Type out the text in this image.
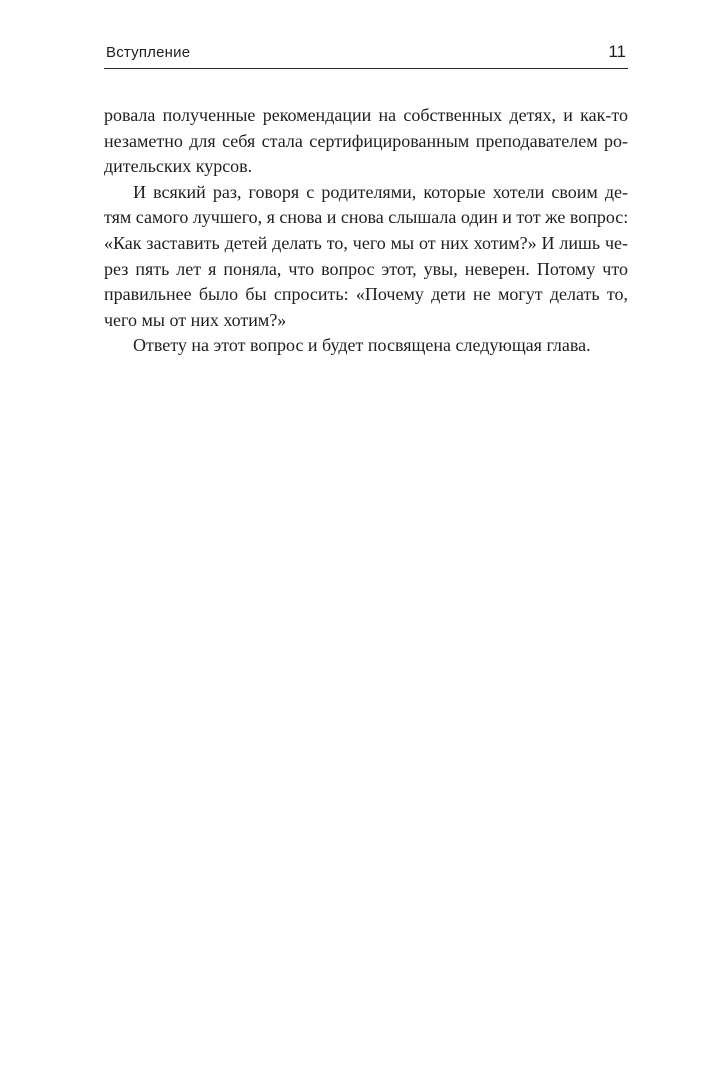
Вступление	11
ровала полученные рекомендации на собственных детях, и как-то
незаметно для себя стала сертифицированным преподавателем ро-
дительских курсов.
И всякий раз, говоря с родителями, которые хотели своим де-
тям самого лучшего, я снова и снова слышала один и тот же вопрос:
«Как заставить детей делать то, чего мы от них хотим?» И лишь че-
рез пять лет я поняла, что вопрос этот, увы, неверен. Потому что
правильнее было бы спросить: «Почему дети не могут делать то,
чего мы от них хотим?»
Ответу на этот вопрос и будет посвящена следующая глава.
